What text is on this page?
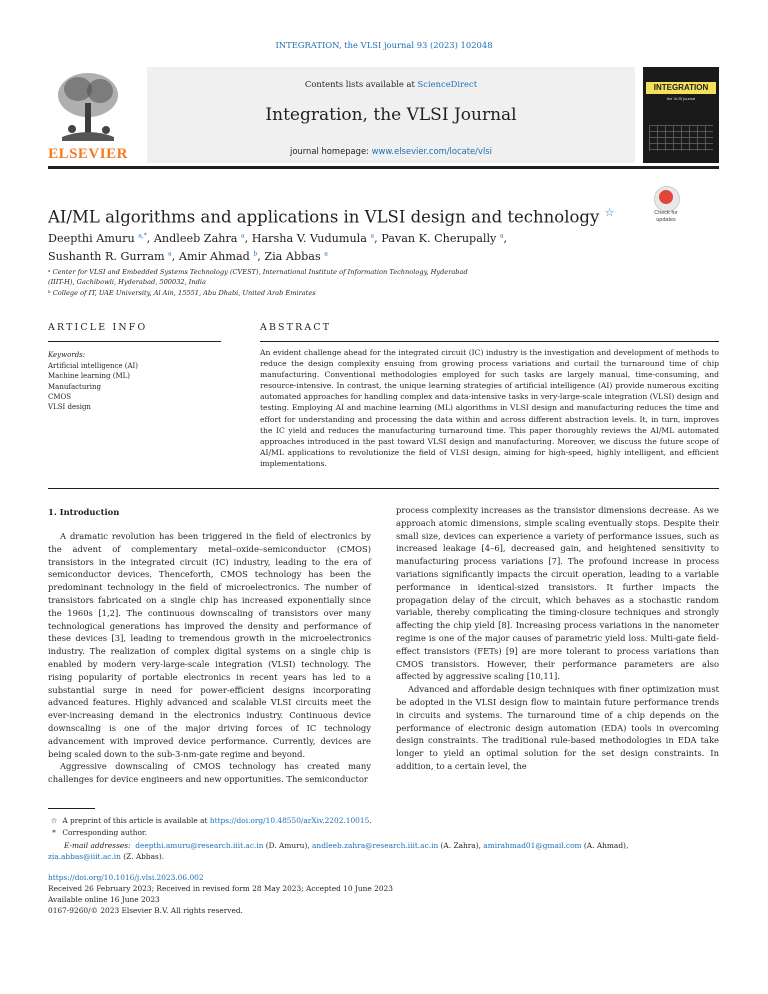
INTEGRATION, the VLSI journal 93 (2023) 102048
ELSEVIER
Contents lists available at ScienceDirect
Integration, the VLSI Journal
journal homepage: www.elsevier.com/locate/vlsi
INTEGRATION
the VLSI journal
AI/ML algorithms and applications in VLSI design and technology ☆	Check for updates
Deepthi Amuru $^{a,*}$, Andleeb Zahra $^a$, Harsha V. Vudumula $^a$, Pavan K. Cherupally $^a$,
Sushanth R. Gurram $^a$, Amir Ahmad $^b$, Zia Abbas $^a$
ᵃ Center for VLSI and Embedded Systems Technology (CVEST), International Institute of Information Technology, Hyderabad
(IIIT-H), Gachibowli, Hyderabad, 500032, India
ᵇ College of IT, UAE University, Al Ain, 15551, Abu Dhabi, United Arab Emirates
ARTICLE INFO	ABSTRACT
Keywords:
Artificial intelligence (AI)
Machine learning (ML)
Manufacturing
CMOS
VLSI design
An evident challenge ahead for the integrated circuit (IC) industry is the investigation and development of methods to reduce the design complexity ensuing from growing process variations and curtail the turnaround time of chip manufacturing. Conventional methodologies employed for such tasks are largely manual, time-consuming, and resource-intensive. In contrast, the unique learning strategies of artificial intelligence (AI) provide numerous exciting automated approaches for handling complex and data-intensive tasks in very-large-scale integration (VLSI) design and testing. Employing AI and machine learning (ML) algorithms in VLSI design and manufacturing reduces the time and effort for understanding and processing the data within and across different abstraction levels. It, in turn, improves the IC yield and reduces the manufacturing turnaround time. This paper thoroughly reviews the AI/ML automated approaches introduced in the past toward VLSI design and manufacturing. Moreover, we discuss the future scope of AI/ML applications to revolutionize the field of VLSI design, aiming for high-speed, highly intelligent, and efficient implementations.
1. Introduction

A dramatic revolution has been triggered in the field of electronics by the advent of complementary metal–oxide–semiconductor (CMOS) transistors in the integrated circuit (IC) industry, leading to the era of semiconductor devices. Thenceforth, CMOS technology has been the predominant technology in the field of microelectronics. The number of transistors fabricated on a single chip has increased exponentially since the 1960s [1,2]. The continuous downscaling of transistors over many technological generations has improved the density and performance of these devices [3], leading to tremendous growth in the microelectronics industry. The realization of complex digital systems on a single chip is enabled by modern very-large-scale integration (VLSI) technology. The rising popularity of portable electronics in recent years has led to a substantial surge in need for power-efficient designs incorporating advanced features. Highly advanced and scalable VLSI circuits meet the ever-increasing demand in the electronics industry. Continuous device downscaling is one of the major driving forces of IC technology advancement with improved device performance. Currently, devices are being scaled down to the sub-3-nm-gate regime and beyond.

Aggressive downscaling of CMOS technology has created many challenges for device engineers and new opportunities. The semiconductor

process complexity increases as the transistor dimensions decrease. As we approach atomic dimensions, simple scaling eventually stops. Despite their small size, devices can experience a variety of performance issues, such as increased leakage [4–6], decreased gain, and heightened sensitivity to manufacturing process variations [7]. The profound increase in process variations significantly impacts the circuit operation, leading to a variable performance in identical-sized transistors. It further impacts the propagation delay of the circuit, which behaves as a stochastic random variable, thereby complicating the timing-closure techniques and strongly affecting the chip yield [8]. Increasing process variations in the nanometer regime is one of the major causes of parametric yield loss. Multi-gate field-effect transistors (FETs) [9] are more tolerant to process variations than CMOS transistors. However, their performance parameters are also affected by aggressive scaling [10,11].

Advanced and affordable design techniques with finer optimization must be adopted in the VLSI design flow to maintain future performance trends in circuits and systems. The turnaround time of a chip depends on the performance of electronic design automation (EDA) tools in overcoming design constraints. The traditional rule-based methodologies in EDA take longer to yield an optimal solution for the set design constraints. In addition, to a certain level, the

☆ A preprint of this article is available at https://doi.org/10.48550/arXiv.2202.10015.
* Corresponding author.
E-mail addresses: deepthi.amuru@research.iiit.ac.in (D. Amuru), andleeb.zahra@research.iiit.ac.in (A. Zahra), amirahmad01@gmail.com (A. Ahmad),
zia.abbas@iiit.ac.in (Z. Abbas).
https://doi.org/10.1016/j.vlsi.2023.06.002
Received 26 February 2023; Received in revised form 28 May 2023; Accepted 10 June 2023
Available online 16 June 2023
0167-9260/© 2023 Elsevier B.V. All rights reserved.
